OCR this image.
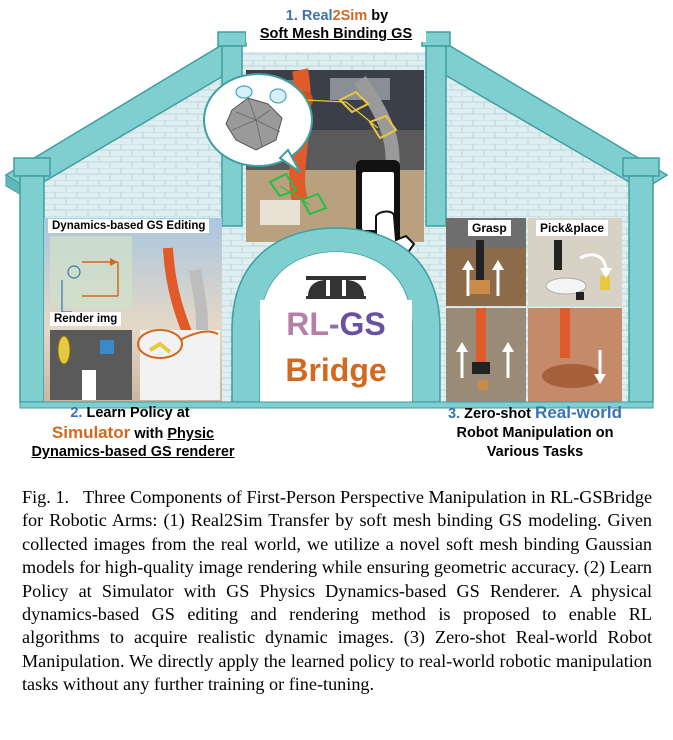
1. Real2Sim by
Soft Mesh Binding GS
Dynamics-based GS Editing
Render img
Grasp	Pick&place
RL-GS
Bridge
2. Learn Policy at
Simulator with Physic
Dynamics-based GS renderer
3. Zero-shot Real-world
Robot Manipulation on
Various Tasks
Fig. 1. Three Components of First-Person Perspective Manipulation in RL-GSBridge for Robotic Arms: (1) Real2Sim Transfer by soft mesh binding GS modeling. Given collected images from the real world, we utilize a novel soft mesh binding Gaussian models for high-quality image rendering while ensuring geometric accuracy. (2) Learn Policy at Simulator with GS Physics Dynamics-based GS Renderer. A physical dynamics-based GS editing and rendering method is proposed to enable RL algorithms to acquire realistic dynamic images. (3) Zero-shot Real-world Robot Manipulation. We directly apply the learned policy to real-world robotic manipulation tasks without any further training or fine-tuning.
